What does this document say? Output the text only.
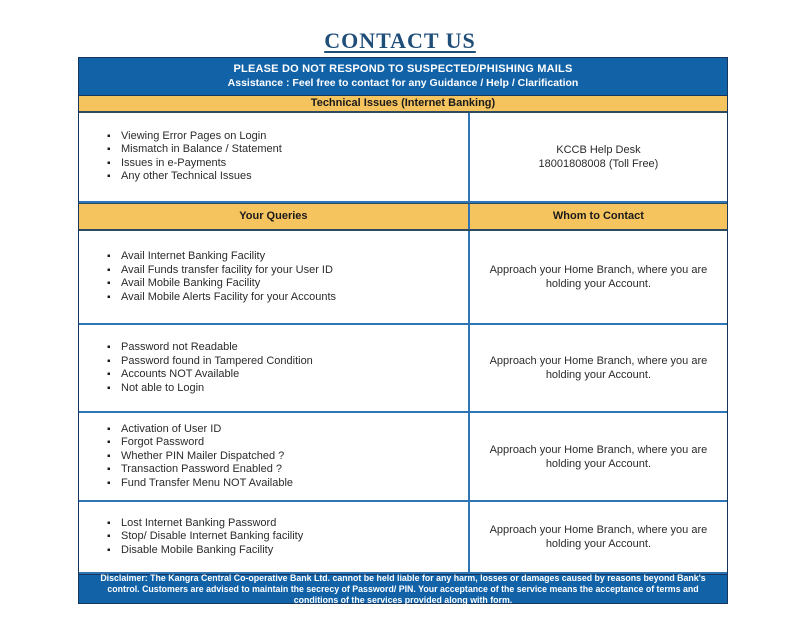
CONTACT US
PLEASE DO NOT RESPOND TO SUSPECTED/PHISHING MAILS
Assistance : Feel free to contact for any Guidance / Help / Clarification
Technical Issues (Internet Banking)
▪ Viewing Error Pages on Login
▪ Mismatch in Balance / Statement
▪ Issues in e-Payments
▪ Any other Technical Issues
KCCB Help Desk
18001808008 (Toll Free)
Your Queries	Whom to Contact
▪ Avail Internet Banking Facility
▪ Avail Funds transfer facility for your User ID
▪ Avail Mobile Banking Facility
▪ Avail Mobile Alerts Facility for your Accounts
Approach your Home Branch, where you are holding your Account.
▪ Password not Readable
▪ Password found in Tampered Condition
▪ Accounts NOT Available
▪ Not able to Login
Approach your Home Branch, where you are holding your Account.
▪ Activation of User ID
▪ Forgot Password
▪ Whether PIN Mailer Dispatched ?
▪ Transaction Password Enabled ?
▪ Fund Transfer Menu NOT Available
Approach your Home Branch, where you are holding your Account.
▪ Lost Internet Banking Password
▪ Stop/ Disable Internet Banking facility
▪ Disable Mobile Banking Facility
Approach your Home Branch, where you are holding your Account.
Disclaimer: The Kangra Central Co-operative Bank Ltd. cannot be held liable for any harm, losses or damages caused by reasons beyond Bank's control. Customers are advised to maintain the secrecy of Password/ PIN. Your acceptance of the service means the acceptance of terms and conditions of the services provided along with form.
